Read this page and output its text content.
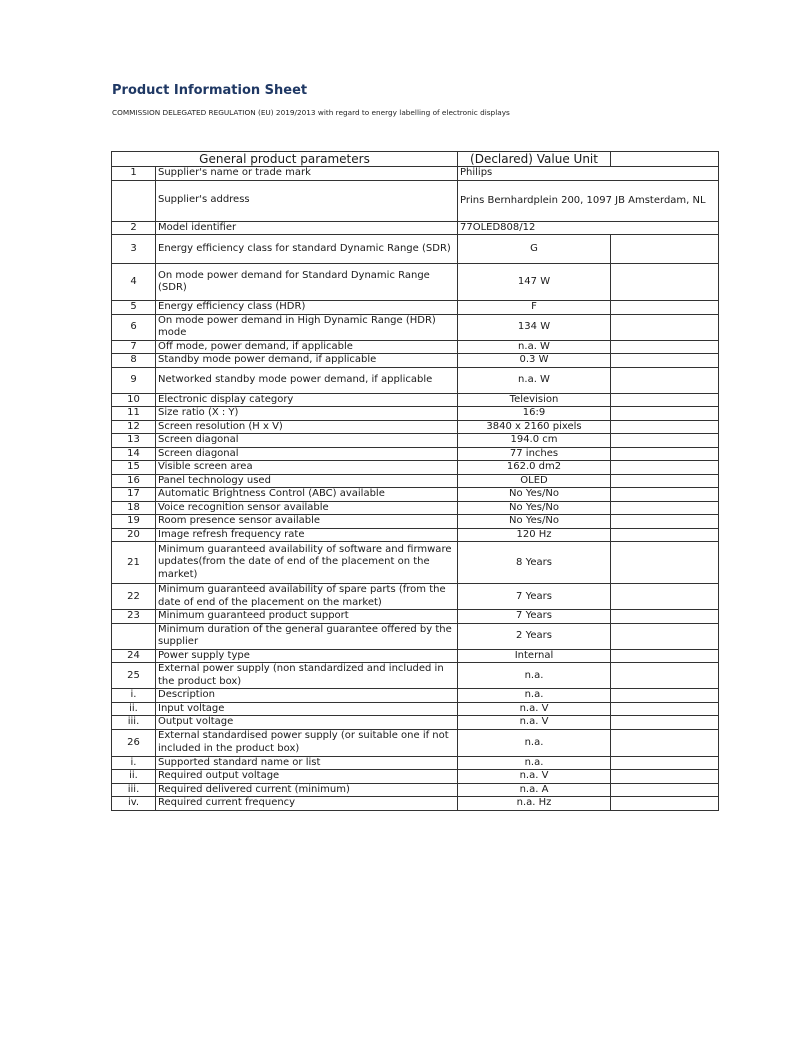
Product Information Sheet
COMMISSION DELEGATED REGULATION (EU) 2019/2013 with regard to energy labelling of electronic displays
General product parameters		(Declared) Value Unit	
1	Supplier's name or trade mark	Philips	
	Supplier's address	Prins Bernhardplein 200, 1097 JB Amsterdam, NL	
2	Model identifier	77OLED808/12	
3	Energy efficiency class for standard Dynamic Range (SDR)	G	
4	On mode power demand for Standard Dynamic Range (SDR)	147 W	
5	Energy efficiency class (HDR)	F	
6	On mode power demand in High Dynamic Range (HDR) mode	134 W	
7	Off mode, power demand, if applicable	n.a. W	
8	Standby mode power demand, if applicable	0.3 W	
9	Networked standby mode power demand, if applicable	n.a. W	
10	Electronic display category	Television	
11	Size ratio (X : Y)	16:9	
12	Screen resolution (H x V)	3840 x 2160 pixels	
13	Screen diagonal	194.0 cm	
14	Screen diagonal	77 inches	
15	Visible screen area	162.0 dm2	
16	Panel technology used	OLED	
17	Automatic Brightness Control (ABC) available	No Yes/No	
18	Voice recognition sensor available	No Yes/No	
19	Room presence sensor available	No Yes/No	
20	Image refresh frequency rate	120 Hz	
21	Minimum guaranteed availability of software and firmware updates(from the date of end of the placement on the market)	8 Years	
22	Minimum guaranteed availability of spare parts (from the date of end of the placement on the market)	7 Years	
23	Minimum guaranteed product support	7 Years	
	Minimum duration of the general guarantee offered by the supplier	2 Years	
24	Power supply type	Internal	
25	External power supply (non standardized and included in the product box)	n.a.	
i.	Description	n.a.	
ii.	Input voltage	n.a. V	
iii.	Output voltage	n.a. V	
26	External standardised power supply (or suitable one if not included in the product box)	n.a.	
i.	Supported standard name or list	n.a.	
ii.	Required output voltage	n.a. V	
iii.	Required delivered current (minimum)	n.a. A	
iv.	Required current frequency	n.a. Hz	
